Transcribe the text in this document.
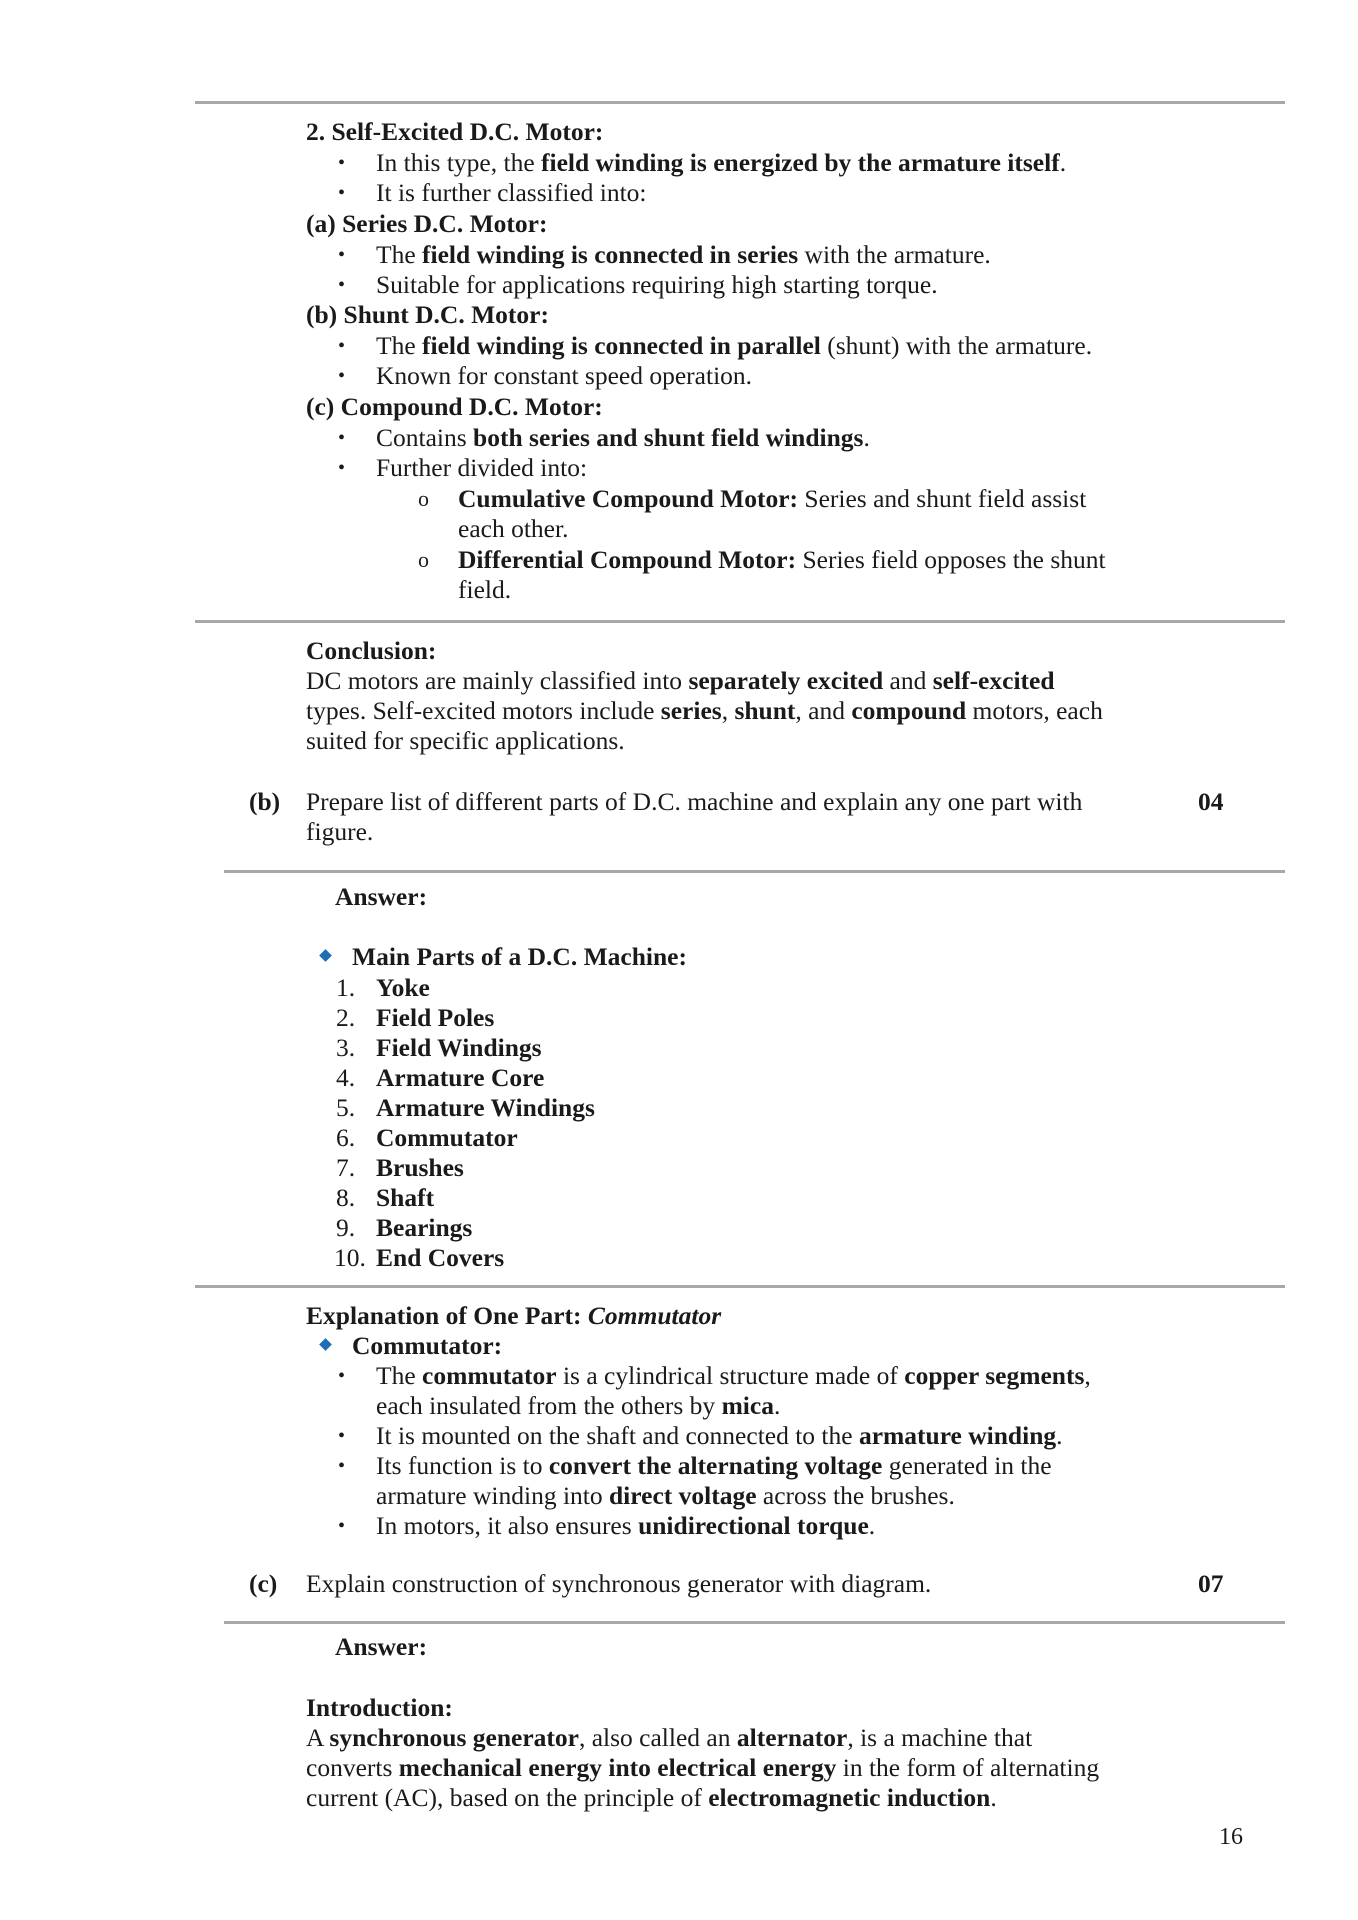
2. Self-Excited D.C. Motor:
• In this type, the field winding is energized by the armature itself.
• It is further classified into:
(a) Series D.C. Motor:
• The field winding is connected in series with the armature.
• Suitable for applications requiring high starting torque.
(b) Shunt D.C. Motor:
• The field winding is connected in parallel (shunt) with the armature.
• Known for constant speed operation.
(c) Compound D.C. Motor:
• Contains both series and shunt field windings.
• Further divided into:
o Cumulative Compound Motor: Series and shunt field assist
each other.
o Differential Compound Motor: Series field opposes the shunt
field.
Conclusion:
DC motors are mainly classified into separately excited and self-excited
types. Self-excited motors include series, shunt, and compound motors, each
suited for specific applications.
(b) Prepare list of different parts of D.C. machine and explain any one part with
figure.
04
Answer:
Main Parts of a D.C. Machine:
1. Yoke
2. Field Poles
3. Field Windings
4. Armature Core
5. Armature Windings
6. Commutator
7. Brushes
8. Shaft
9. Bearings
10. End Covers
Explanation of One Part: Commutator
Commutator:
• The commutator is a cylindrical structure made of copper segments,
each insulated from the others by mica.
• It is mounted on the shaft and connected to the armature winding.
• Its function is to convert the alternating voltage generated in the
armature winding into direct voltage across the brushes.
• In motors, it also ensures unidirectional torque.
(c) Explain construction of synchronous generator with diagram.	07
Answer:
Introduction:
A synchronous generator, also called an alternator, is a machine that
converts mechanical energy into electrical energy in the form of alternating
current (AC), based on the principle of electromagnetic induction.
16
